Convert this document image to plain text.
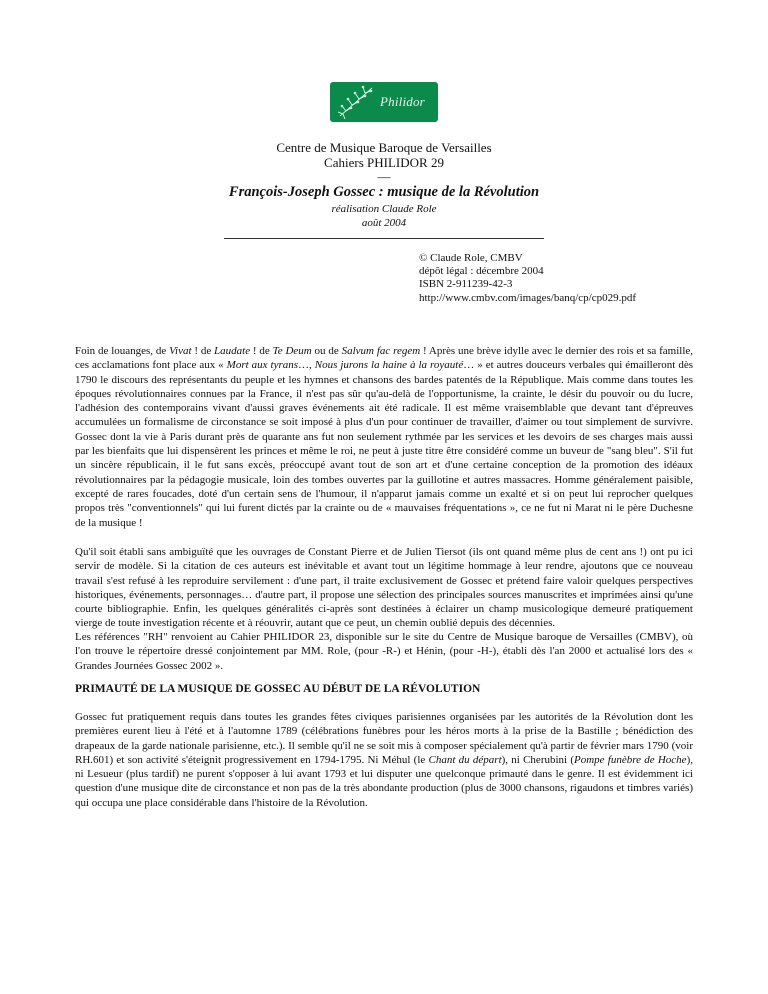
Philidor
Centre de Musique Baroque de Versailles
Cahiers PHILIDOR 29
—
François-Joseph Gossec : musique de la Révolution
réalisation Claude Role
août 2004
© Claude Role, CMBV
dépôt légal : décembre 2004
ISBN 2-911239-42-3
http://www.cmbv.com/images/banq/cp/cp029.pdf

Foin de louanges, de Vivat ! de Laudate ! de Te Deum ou de Salvum fac regem ! Après une brève idylle avec le dernier des rois et sa famille, ces acclamations font place aux « Mort aux tyrans…, Nous jurons la haine à la royauté… » et autres douceurs verbales qui émailleront dès 1790 le discours des représentants du peuple et les hymnes et chansons des bardes patentés de la République. Mais comme dans toutes les époques révolutionnaires connues par la France, il n'est pas sûr qu'au-delà de l'opportunisme, la crainte, le désir du pouvoir ou du lucre, l'adhésion des contemporains vivant d'aussi graves événements ait été radicale. Il est même vraisemblable que devant tant d'épreuves accumulées un formalisme de circonstance se soit imposé à plus d'un pour continuer de travailler, d'aimer ou tout simplement de survivre. Gossec dont la vie à Paris durant près de quarante ans fut non seulement rythmée par les services et les devoirs de ses charges mais aussi par les bienfaits que lui dispensèrent les princes et même le roi, ne peut à juste titre être considéré comme un buveur de "sang bleu". S'il fut un sincère républicain, il le fut sans excès, préoccupé avant tout de son art et d'une certaine conception de la promotion des idéaux révolutionnaires par la pédagogie musicale, loin des tombes ouvertes par la guillotine et autres massacres. Homme généralement paisible, excepté de rares foucades, doté d'un certain sens de l'humour, il n'apparut jamais comme un exalté et si on peut lui reprocher quelques propos très "conventionnels" qui lui furent dictés par la crainte ou de « mauvaises fréquentations », ce ne fut ni Marat ni le père Duchesne de la musique !

Qu'il soit établi sans ambiguïté que les ouvrages de Constant Pierre et de Julien Tiersot (ils ont quand même plus de cent ans !) ont pu ici servir de modèle. Si la citation de ces auteurs est inévitable et avant tout un légitime hommage à leur rendre, ajoutons que ce nouveau travail s'est refusé à les reproduire servilement : d'une part, il traite exclusivement de Gossec et prétend faire valoir quelques perspectives historiques, événements, personnages… d'autre part, il propose une sélection des principales sources manuscrites et imprimées ainsi qu'une courte bibliographie. Enfin, les quelques généralités ci-après sont destinées à éclairer un champ musicologique demeuré pratiquement vierge de toute investigation récente et à réouvrir, autant que ce peut, un chemin oublié depuis des décennies.

Les références "RH" renvoient au Cahier PHILIDOR 23, disponible sur le site du Centre de Musique baroque de Versailles (CMBV), où l'on trouve le répertoire dressé conjointement par MM. Role, (pour -R-) et Hénin, (pour -H-), établi dès l'an 2000 et actualisé lors des « Grandes Journées Gossec 2002 ».

PRIMAUTÉ DE LA MUSIQUE DE GOSSEC AU DÉBUT DE LA RÉVOLUTION

Gossec fut pratiquement requis dans toutes les grandes fêtes civiques parisiennes organisées par les autorités de la Révolution dont les premières eurent lieu à l'été et à l'automne 1789 (célébrations funèbres pour les héros morts à la prise de la Bastille ; bénédiction des drapeaux de la garde nationale parisienne, etc.). Il semble qu'il ne se soit mis à composer spécialement qu'à partir de février mars 1790 (voir RH.601) et son activité s'éteignit progressivement en 1794-1795. Ni Méhul (le Chant du départ), ni Cherubini (Pompe funèbre de Hoche), ni Lesueur (plus tardif) ne purent s'opposer à lui avant 1793 et lui disputer une quelconque primauté dans le genre. Il est évidemment ici question d'une musique dite de circonstance et non pas de la très abondante production (plus de 3000 chansons, rigaudons et timbres variés) qui occupa une place considérable dans l'histoire de la Révolution.
